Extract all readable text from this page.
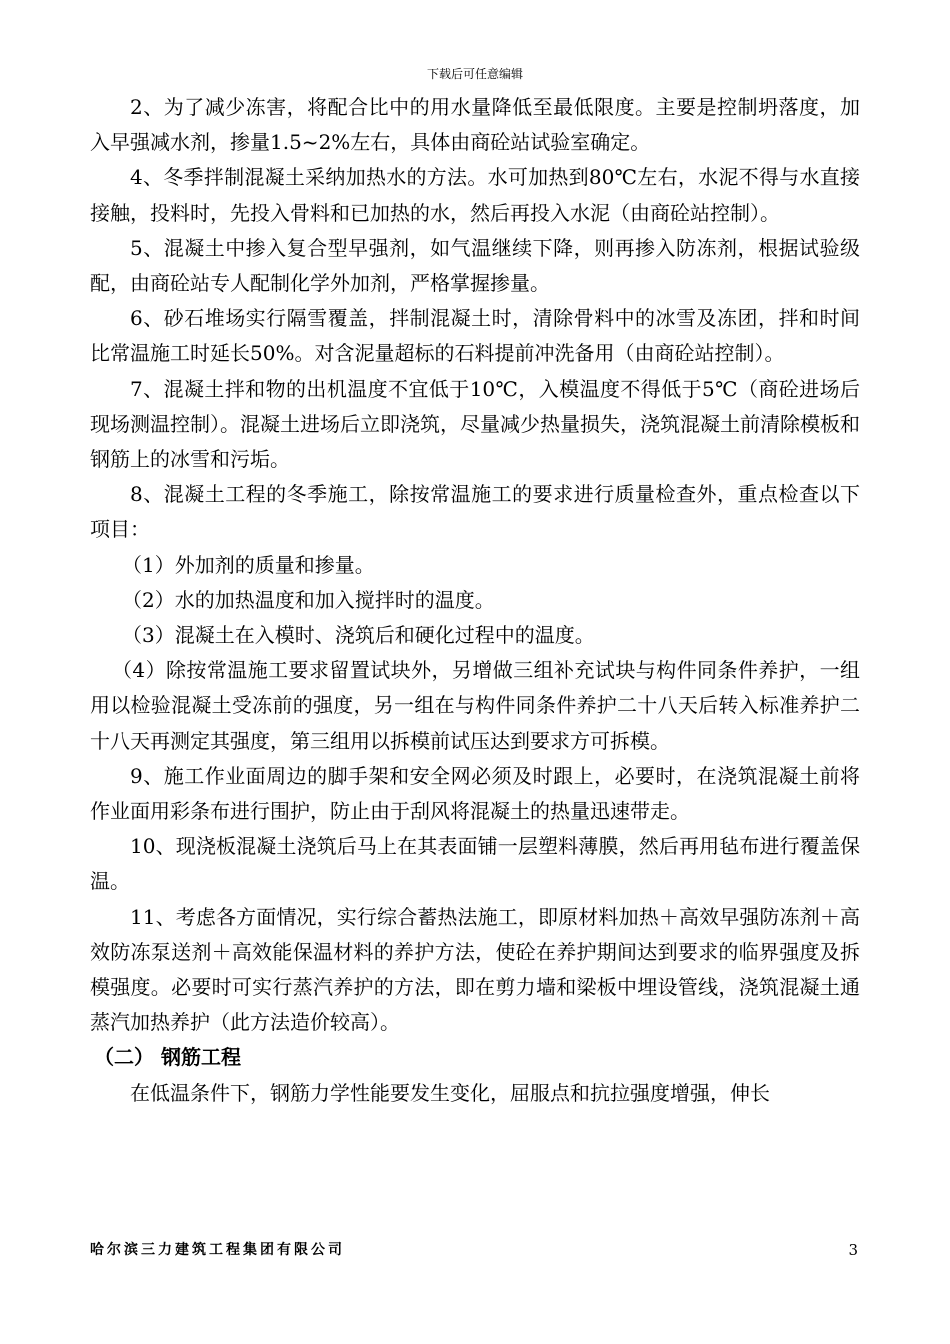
下载后可任意编辑

2、为了减少冻害，将配合比中的用水量降低至最低限度。主要是控制坍落度，加入早强减水剂，掺量1.5~2%左右，具体由商砼站试验室确定。

4、冬季拌制混凝土采纳加热水的方法。水可加热到80℃左右，水泥不得与水直接接触，投料时，先投入骨料和已加热的水，然后再投入水泥（由商砼站控制）。

5、混凝土中掺入复合型早强剂，如气温继续下降，则再掺入防冻剂，根据试验级配，由商砼站专人配制化学外加剂，严格掌握掺量。

6、砂石堆场实行隔雪覆盖，拌制混凝土时，清除骨料中的冰雪及冻团，拌和时间比常温施工时延长50%。对含泥量超标的石料提前冲洗备用（由商砼站控制）。

7、混凝土拌和物的出机温度不宜低于10℃，入模温度不得低于5℃（商砼进场后现场测温控制）。混凝土进场后立即浇筑，尽量减少热量损失，浇筑混凝土前清除模板和钢筋上的冰雪和污垢。

8、混凝土工程的冬季施工，除按常温施工的要求进行质量检查外，重点检查以下项目：

（1）外加剂的质量和掺量。

（2）水的加热温度和加入搅拌时的温度。

（3）混凝土在入模时、浇筑后和硬化过程中的温度。

（4）除按常温施工要求留置试块外，另增做三组补充试块与构件同条件养护，一组用以检验混凝土受冻前的强度，另一组在与构件同条件养护二十八天后转入标准养护二十八天再测定其强度，第三组用以拆模前试压达到要求方可拆模。

9、施工作业面周边的脚手架和安全网必须及时跟上，必要时，在浇筑混凝土前将作业面用彩条布进行围护，防止由于刮风将混凝土的热量迅速带走。

10、现浇板混凝土浇筑后马上在其表面铺一层塑料薄膜，然后再用毡布进行覆盖保温。

11、考虑各方面情况，实行综合蓄热法施工，即原材料加热＋高效早强防冻剂＋高效防冻泵送剂＋高效能保温材料的养护方法，使砼在养护期间达到要求的临界强度及拆模强度。必要时可实行蒸汽养护的方法，即在剪力墙和梁板中埋设管线，浇筑混凝土通蒸汽加热养护（此方法造价较高）。

（二） 钢筋工程

在低温条件下，钢筋力学性能要发生变化，屈服点和抗拉强度增强，伸长

哈尔滨三力建筑工程集团有限公司	3
